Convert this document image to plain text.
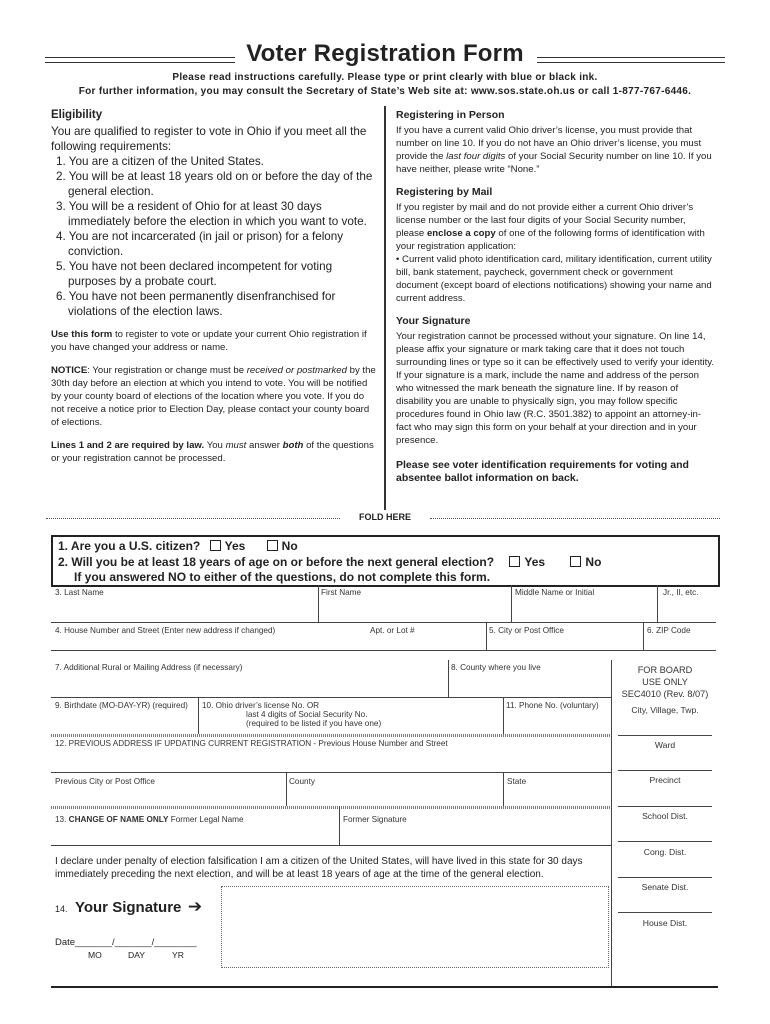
Voter Registration Form
Please read instructions carefully. Please type or print clearly with blue or black ink.
For further information, you may consult the Secretary of State’s Web site at: www.sos.state.oh.us or call 1-877-767-6446.
Eligibility
You are qualified to register to vote in Ohio if you meet all the following requirements:
1. You are a citizen of the United States.
2. You will be at least 18 years old on or before the day of the general election.
3. You will be a resident of Ohio for at least 30 days immediately before the election in which you want to vote.
4. You are not incarcerated (in jail or prison) for a felony conviction.
5. You have not been declared incompetent for voting purposes by a probate court.
6. You have not been permanently disenfranchised for violations of the election laws.
Use this form to register to vote or update your current Ohio registration if you have changed your address or name.
NOTICE: Your registration or change must be received or postmarked by the 30th day before an election at which you intend to vote. You will be notified by your county board of elections of the location where you vote. If you do not receive a notice prior to Election Day, please contact your county board of elections.
Lines 1 and 2 are required by law. You must answer both of the questions or your registration cannot be processed.
Registering in Person
If you have a current valid Ohio driver’s license, you must provide that number on line 10. If you do not have an Ohio driver’s license, you must provide the last four digits of your Social Security number on line 10. If you have neither, please write “None.”
Registering by Mail
If you register by mail and do not provide either a current Ohio driver’s license number or the last four digits of your Social Security number, please enclose a copy of one of the following forms of identification with your registration application:
• Current valid photo identification card, military identification, current utility bill, bank statement, paycheck, government check or government document (except board of elections notifications) showing your name and current address.
Your Signature
Your registration cannot be processed without your signature. On line 14, please affix your signature or mark taking care that it does not touch surrounding lines or type so it can be effectively used to verify your identity. If your signature is a mark, include the name and address of the person who witnessed the mark beneath the signature line. If by reason of disability you are unable to physically sign, you may follow specific procedures found in Ohio law (R.C. 3501.382) to appoint an attorney-in-fact who may sign this form on your behalf at your direction and in your presence.
Please see voter identification requirements for voting and absentee ballot information on back.
FOLD HERE
1. Are you a U.S. citizen? Yes	No
2. Will you be at least 18 years of age on or before the next general election?	Yes	No
If you answered NO to either of the questions, do not complete this form.
3. Last Name	First Name	Middle Name or Initial	Jr., II, etc.
4. House Number and Street (Enter new address if changed)	Apt. or Lot #	5. City or Post Office	6. ZIP Code
7. Additional Rural or Mailing Address (if necessary)	8. County where you live
9. Birthdate (MO-DAY-YR) (required) 10. Ohio driver’s license No. OR
last 4 digits of Social Security No.
(required to be listed if you have one)
11. Phone No. (voluntary)
12. PREVIOUS ADDRESS IF UPDATING CURRENT REGISTRATION - Previous House Number and Street
Previous City or Post Office	County	State
13. CHANGE OF NAME ONLY Former Legal Name	Former Signature
FOR BOARD
USE ONLY
SEC4010 (Rev. 8/07)
City, Village, Twp.
Ward
Precinct
School Dist.
Cong. Dist.
Senate Dist.
House Dist.
I declare under penalty of election falsification I am a citizen of the United States, will have lived in this state for 30 days immediately preceding the next election, and will be at least 18 years of age at the time of the general election.
14. Your Signature ➔
Date_______/_______/________
MO	DAY	YR
